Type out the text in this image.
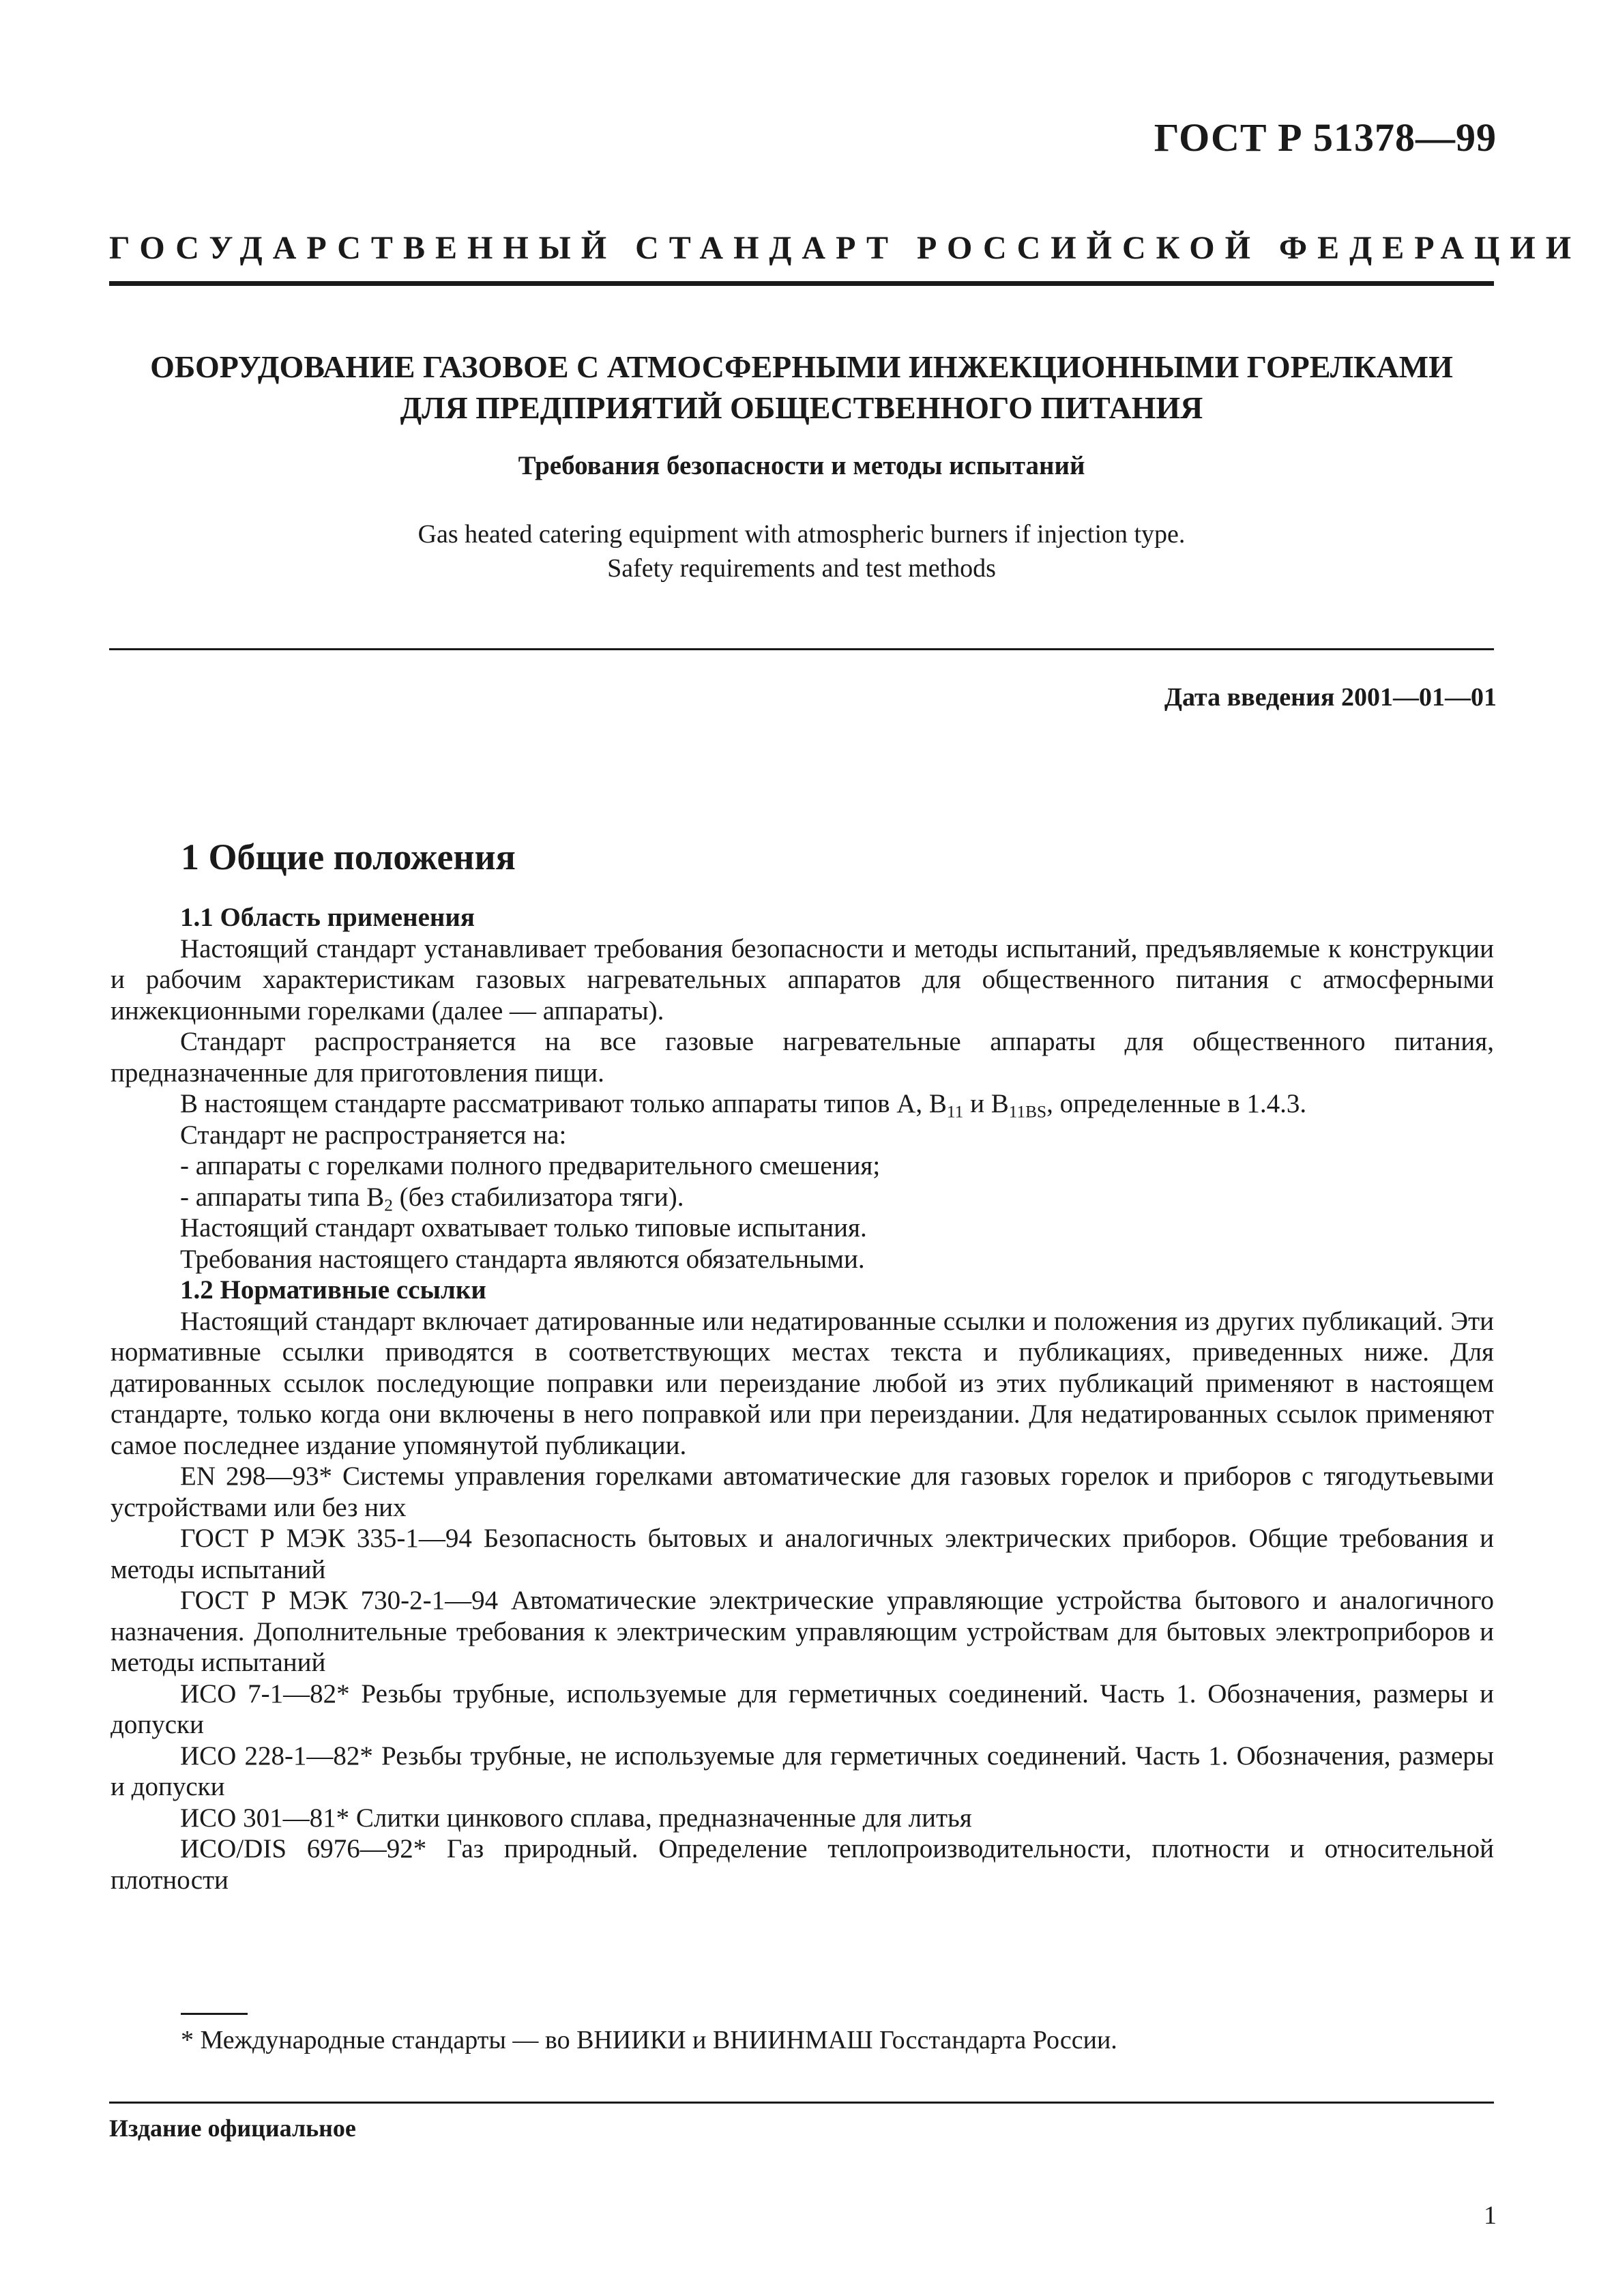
ГОСТ Р 51378—99
ГОСУДАРСТВЕННЫЙ СТАНДАРТ РОССИЙСКОЙ ФЕДЕРАЦИИ
ОБОРУДОВАНИЕ ГАЗОВОЕ С АТМОСФЕРНЫМИ ИНЖЕКЦИОННЫМИ ГОРЕЛКАМИ
ДЛЯ ПРЕДПРИЯТИЙ ОБЩЕСТВЕННОГО ПИТАНИЯ
Требования безопасности и методы испытаний
Gas heated catering equipment with atmospheric burners if injection type.
Safety requirements and test methods
Дата введения 2001—01—01
1 Общие положения

1.1 Область применения

Настоящий стандарт устанавливает требования безопасности и методы испытаний, предъявляемые к конструкции и рабочим характеристикам газовых нагревательных аппаратов для общественного питания с атмосферными инжекционными горелками (далее — аппараты).

Стандарт распространяется на все газовые нагревательные аппараты для общественного питания, предназначенные для приготовления пищи.

В настоящем стандарте рассматривают только аппараты типов А, $В_{11}$ и $В_{11BS}$, определенные в 1.4.3.

Стандарт не распространяется на:

- аппараты с горелками полного предварительного смешения;

- аппараты типа $В_2$ (без стабилизатора тяги).

Настоящий стандарт охватывает только типовые испытания.

Требования настоящего стандарта являются обязательными.

1.2 Нормативные ссылки

Настоящий стандарт включает датированные или недатированные ссылки и положения из других публикаций. Эти нормативные ссылки приводятся в соответствующих местах текста и публикациях, приведенных ниже. Для датированных ссылок последующие поправки или переиздание любой из этих публикаций применяют в настоящем стандарте, только когда они включены в него поправкой или при переиздании. Для недатированных ссылок применяют самое последнее издание упомянутой публикации.

EN 298—93* Системы управления горелками автоматические для газовых горелок и приборов с тягодутьевыми устройствами или без них

ГОСТ Р МЭК 335-1—94 Безопасность бытовых и аналогичных электрических приборов. Общие требования и методы испытаний

ГОСТ Р МЭК 730-2-1—94 Автоматические электрические управляющие устройства бытового и аналогичного назначения. Дополнительные требования к электрическим управляющим устройствам для бытовых электроприборов и методы испытаний

ИСО 7-1—82* Резьбы трубные, используемые для герметичных соединений. Часть 1. Обозначения, размеры и допуски

ИСО 228-1—82* Резьбы трубные, не используемые для герметичных соединений. Часть 1. Обозначения, размеры и допуски

ИСО 301—81* Слитки цинкового сплава, предназначенные для литья

ИСО/DIS 6976—92* Газ природный. Определение теплопроизводительности, плотности и относительной плотности

* Международные стандарты — во ВНИИКИ и ВНИИНМАШ Госстандарта России.
Издание официальное
1
